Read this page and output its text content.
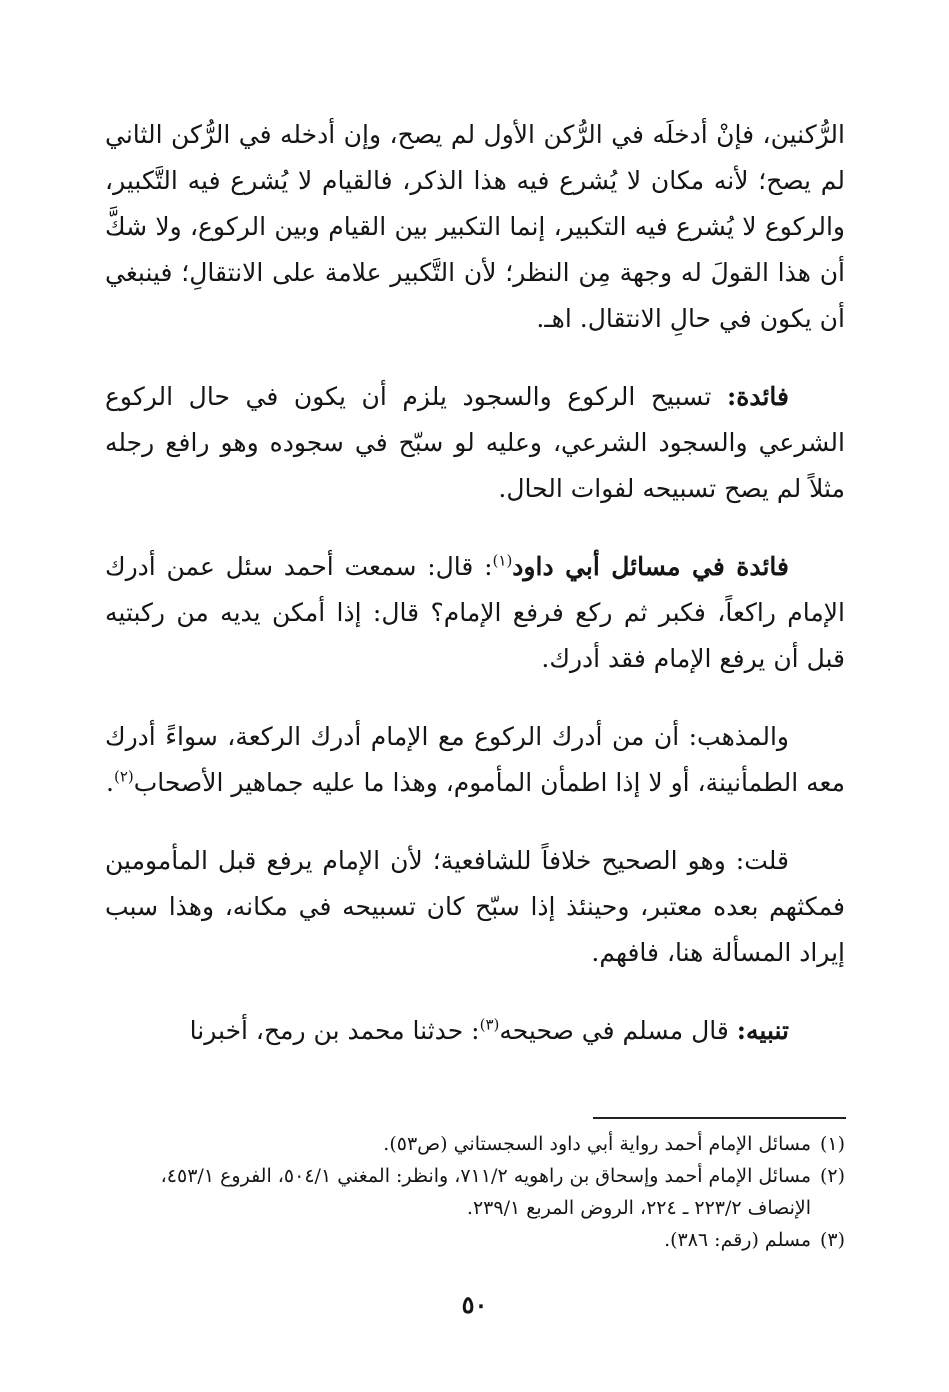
الرُّكنين، فإنْ أدخلَه في الرُّكن الأول لم يصح، وإن أدخله في الرُّكن الثاني لم يصح؛ لأنه مكان لا يُشرع فيه هذا الذكر، فالقيام لا يُشرع فيه التَّكبير، والركوع لا يُشرع فيه التكبير، إنما التكبير بين القيام وبين الركوع، ولا شكَّ أن هذا القولَ له وجهة مِن النظر؛ لأن التَّكبير علامة على الانتقالِ؛ فينبغي أن يكون في حالِ الانتقال. اهـ.

فائدة: تسبيح الركوع والسجود يلزم أن يكون في حال الركوع الشرعي والسجود الشرعي، وعليه لو سبّح في سجوده وهو رافع رجله مثلاً لم يصح تسبيحه لفوات الحال.

فائدة في مسائل أبي داود$^{(١)}$: قال: سمعت أحمد سئل عمن أدرك الإمام راكعاً، فكبر ثم ركع فرفع الإمام؟ قال: إذا أمكن يديه من ركبتيه قبل أن يرفع الإمام فقد أدرك.

والمذهب: أن من أدرك الركوع مع الإمام أدرك الركعة، سواءً أدرك معه الطمأنينة، أو لا إذا اطمأن المأموم، وهذا ما عليه جماهير الأصحاب$^{(٢)}$.

قلت: وهو الصحيح خلافاً للشافعية؛ لأن الإمام يرفع قبل المأمومين فمكثهم بعده معتبر، وحينئذ إذا سبّح كان تسبيحه في مكانه، وهذا سبب إيراد المسألة هنا، فافهم.

تنبيه: قال مسلم في صحيحه$^{(٣)}$: حدثنا محمد بن رمح، أخبرنا

(١)
مسائل الإمام أحمد رواية أبي داود السجستاني (ص٥٣).
(٢)
مسائل الإمام أحمد وإسحاق بن راهويه ٧١١/٢، وانظر: المغني ٥٠٤/١، الفروع ٤٥٣/١، الإنصاف ٢٢٣/٢ ـ ٢٢٤، الروض المربع ٢٣٩/١.
(٣)
مسلم (رقم: ٣٨٦).
٥٠
